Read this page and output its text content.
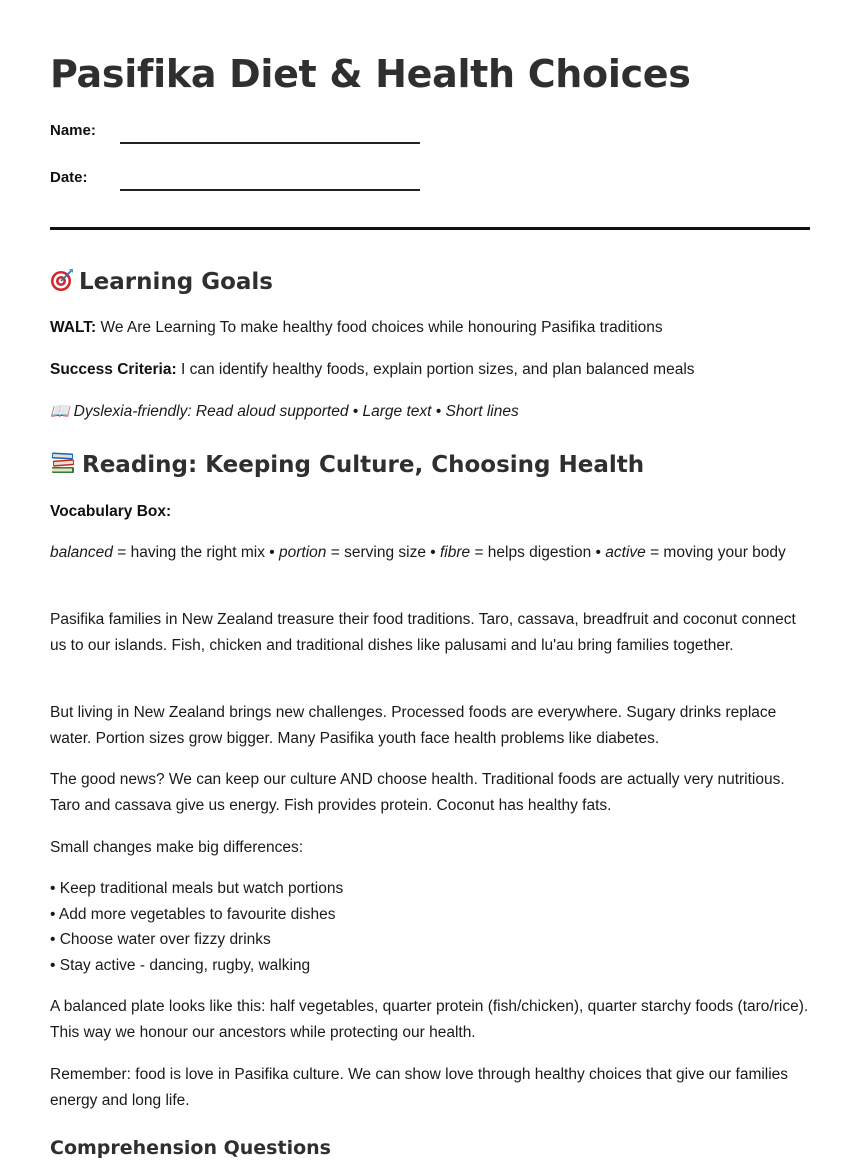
Pasifika Diet & Health Choices
Name:
Date:
Learning Goals

WALT: We Are Learning To make healthy food choices while honouring Pasifika traditions

Success Criteria: I can identify healthy foods, explain portion sizes, and plan balanced meals

📖 Dyslexia-friendly: Read aloud supported • Large text • Short lines

Reading: Keeping Culture, Choosing Health

Vocabulary Box:

balanced = having the right mix • portion = serving size • fibre = helps digestion • active = moving your body

Pasifika families in New Zealand treasure their food traditions. Taro, cassava, breadfruit and coconut connect us to our islands. Fish, chicken and traditional dishes like palusami and lu'au bring families together.

But living in New Zealand brings new challenges. Processed foods are everywhere. Sugary drinks replace water. Portion sizes grow bigger. Many Pasifika youth face health problems like diabetes.

The good news? We can keep our culture AND choose health. Traditional foods are actually very nutritious. Taro and cassava give us energy. Fish provides protein. Coconut has healthy fats.

Small changes make big differences:

• Keep traditional meals but watch portions
• Add more vegetables to favourite dishes
• Choose water over fizzy drinks
• Stay active - dancing, rugby, walking

A balanced plate looks like this: half vegetables, quarter protein (fish/chicken), quarter starchy foods (taro/rice). This way we honour our ancestors while protecting our health.

Remember: food is love in Pasifika culture. We can show love through healthy choices that give our families energy and long life.

Comprehension Questions
